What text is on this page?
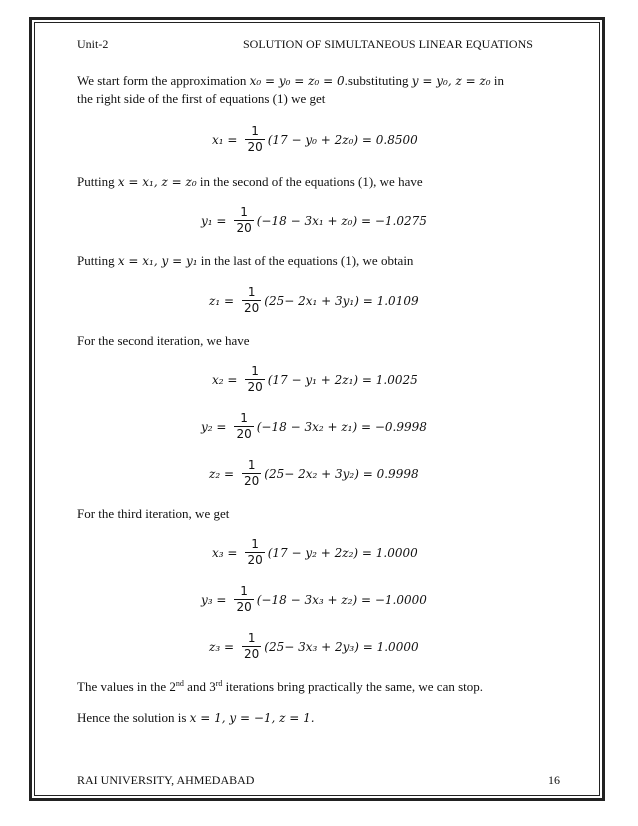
Unit-2	SOLUTION OF SIMULTANEOUS LINEAR EQUATIONS
We start form the approximation x₀ = y₀ = z₀ = 0.substituting y = y₀, z = z₀ in
the right side of the first of equations (1) we get
$x_1 = \frac{1}{20} (17 - y_0 + 2z_0) = 0.8500$
Putting x = x₁, z = z₀ in the second of the equations (1), we have
$y_1 = \frac{1}{20} (-18 - 3x_1 + z_0) = -1.0275$
Putting x = x₁, y = y₁ in the last of the equations (1), we obtain
$z_1 = \frac{1}{20} (25- 2x_1 + 3y_1) = 1.0109$
For the second iteration, we have
$x_2 = \frac{1}{20} (17 - y_1 + 2z_1) = 1.0025$
$y_2 = \frac{1}{20} (-18 - 3x_2 + z_1) = -0.9998$
$z_2 = \frac{1}{20} (25- 2x_2 + 3y_2) = 0.9998$
For the third iteration, we get
$x_3 = \frac{1}{20} (17 - y_2 + 2z_2) = 1.0000$
$y_3 = \frac{1}{20} (-18 - 3x_3 + z_2) = -1.0000$
$z_3 = \frac{1}{20} (25- 3x_3 + 2y_3) = 1.0000$
The values in the 2nd and 3rd iterations bring practically the same, we can stop.
Hence the solution is x = 1, y = −1, z = 1.
RAI UNIVERSITY, AHMEDABAD	16
